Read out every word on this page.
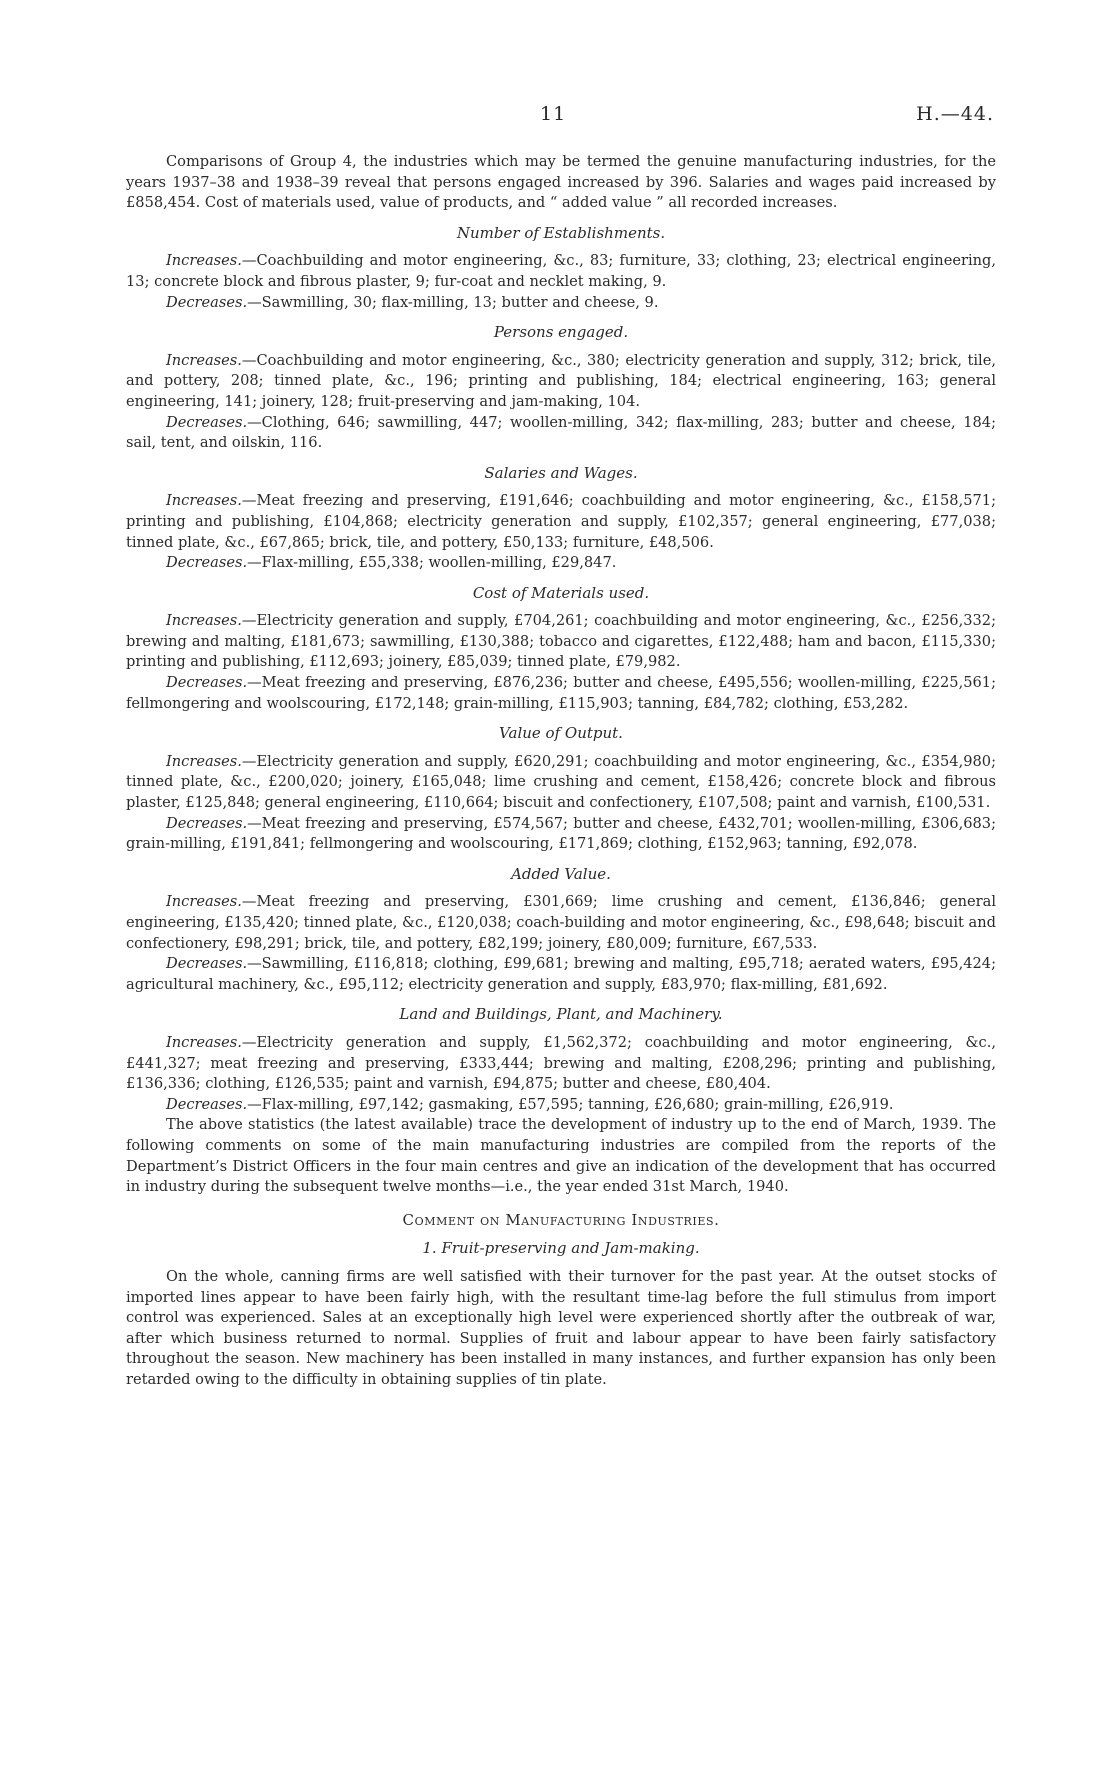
11	H.—44.

Comparisons of Group 4, the industries which may be termed the genuine manufacturing industries, for the years 1937–38 and 1938–39 reveal that persons engaged increased by 396. Salaries and wages paid increased by £858,454. Cost of materials used, value of products, and “ added value ” all recorded increases.

Number of Establishments.

Increases.—Coachbuilding and motor engineering, &c., 83; furniture, 33; clothing, 23; electrical engineering, 13; concrete block and fibrous plaster, 9; fur-coat and necklet making, 9.

Decreases.—Sawmilling, 30; flax-milling, 13; butter and cheese, 9.

Persons engaged.

Increases.—Coachbuilding and motor engineering, &c., 380; electricity generation and supply, 312; brick, tile, and pottery, 208; tinned plate, &c., 196; printing and publishing, 184; electrical engineering, 163; general engineering, 141; joinery, 128; fruit-preserving and jam-making, 104.

Decreases.—Clothing, 646; sawmilling, 447; woollen-milling, 342; flax-milling, 283; butter and cheese, 184; sail, tent, and oilskin, 116.

Salaries and Wages.

Increases.—Meat freezing and preserving, £191,646; coachbuilding and motor engineering, &c., £158,571; printing and publishing, £104,868; electricity generation and supply, £102,357; general engineering, £77,038; tinned plate, &c., £67,865; brick, tile, and pottery, £50,133; furniture, £48,506.

Decreases.—Flax-milling, £55,338; woollen-milling, £29,847.

Cost of Materials used.

Increases.—Electricity generation and supply, £704,261; coachbuilding and motor engineering, &c., £256,332; brewing and malting, £181,673; sawmilling, £130,388; tobacco and cigarettes, £122,488; ham and bacon, £115,330; printing and publishing, £112,693; joinery, £85,039; tinned plate, £79,982.

Decreases.—Meat freezing and preserving, £876,236; butter and cheese, £495,556; woollen-milling, £225,561; fellmongering and woolscouring, £172,148; grain-milling, £115,903; tanning, £84,782; clothing, £53,282.

Value of Output.

Increases.—Electricity generation and supply, £620,291; coachbuilding and motor engineering, &c., £354,980; tinned plate, &c., £200,020; joinery, £165,048; lime crushing and cement, £158,426; concrete block and fibrous plaster, £125,848; general engineering, £110,664; biscuit and confectionery, £107,508; paint and varnish, £100,531.

Decreases.—Meat freezing and preserving, £574,567; butter and cheese, £432,701; woollen-milling, £306,683; grain-milling, £191,841; fellmongering and woolscouring, £171,869; clothing, £152,963; tanning, £92,078.

Added Value.

Increases.—Meat freezing and preserving, £301,669; lime crushing and cement, £136,846; general engineering, £135,420; tinned plate, &c., £120,038; coach-building and motor engineering, &c., £98,648; biscuit and confectionery, £98,291; brick, tile, and pottery, £82,199; joinery, £80,009; furniture, £67,533.

Decreases.—Sawmilling, £116,818; clothing, £99,681; brewing and malting, £95,718; aerated waters, £95,424; agricultural machinery, &c., £95,112; electricity generation and supply, £83,970; flax-milling, £81,692.

Land and Buildings, Plant, and Machinery.

Increases.—Electricity generation and supply, £1,562,372; coachbuilding and motor engineering, &c., £441,327; meat freezing and preserving, £333,444; brewing and malting, £208,296; printing and publishing, £136,336; clothing, £126,535; paint and varnish, £94,875; butter and cheese, £80,404.

Decreases.—Flax-milling, £97,142; gasmaking, £57,595; tanning, £26,680; grain-milling, £26,919.

The above statistics (the latest available) trace the development of industry up to the end of March, 1939. The following comments on some of the main manufacturing industries are compiled from the reports of the Department’s District Officers in the four main centres and give an indication of the development that has occurred in industry during the subsequent twelve months—i.e., the year ended 31st March, 1940.

Comment on Manufacturing Industries.
1. Fruit-preserving and Jam-making.

On the whole, canning firms are well satisfied with their turnover for the past year. At the outset stocks of imported lines appear to have been fairly high, with the resultant time-lag before the full stimulus from import control was experienced. Sales at an exceptionally high level were experienced shortly after the outbreak of war, after which business returned to normal. Supplies of fruit and labour appear to have been fairly satisfactory throughout the season. New machinery has been installed in many instances, and further expansion has only been retarded owing to the difficulty in obtaining supplies of tin plate.
